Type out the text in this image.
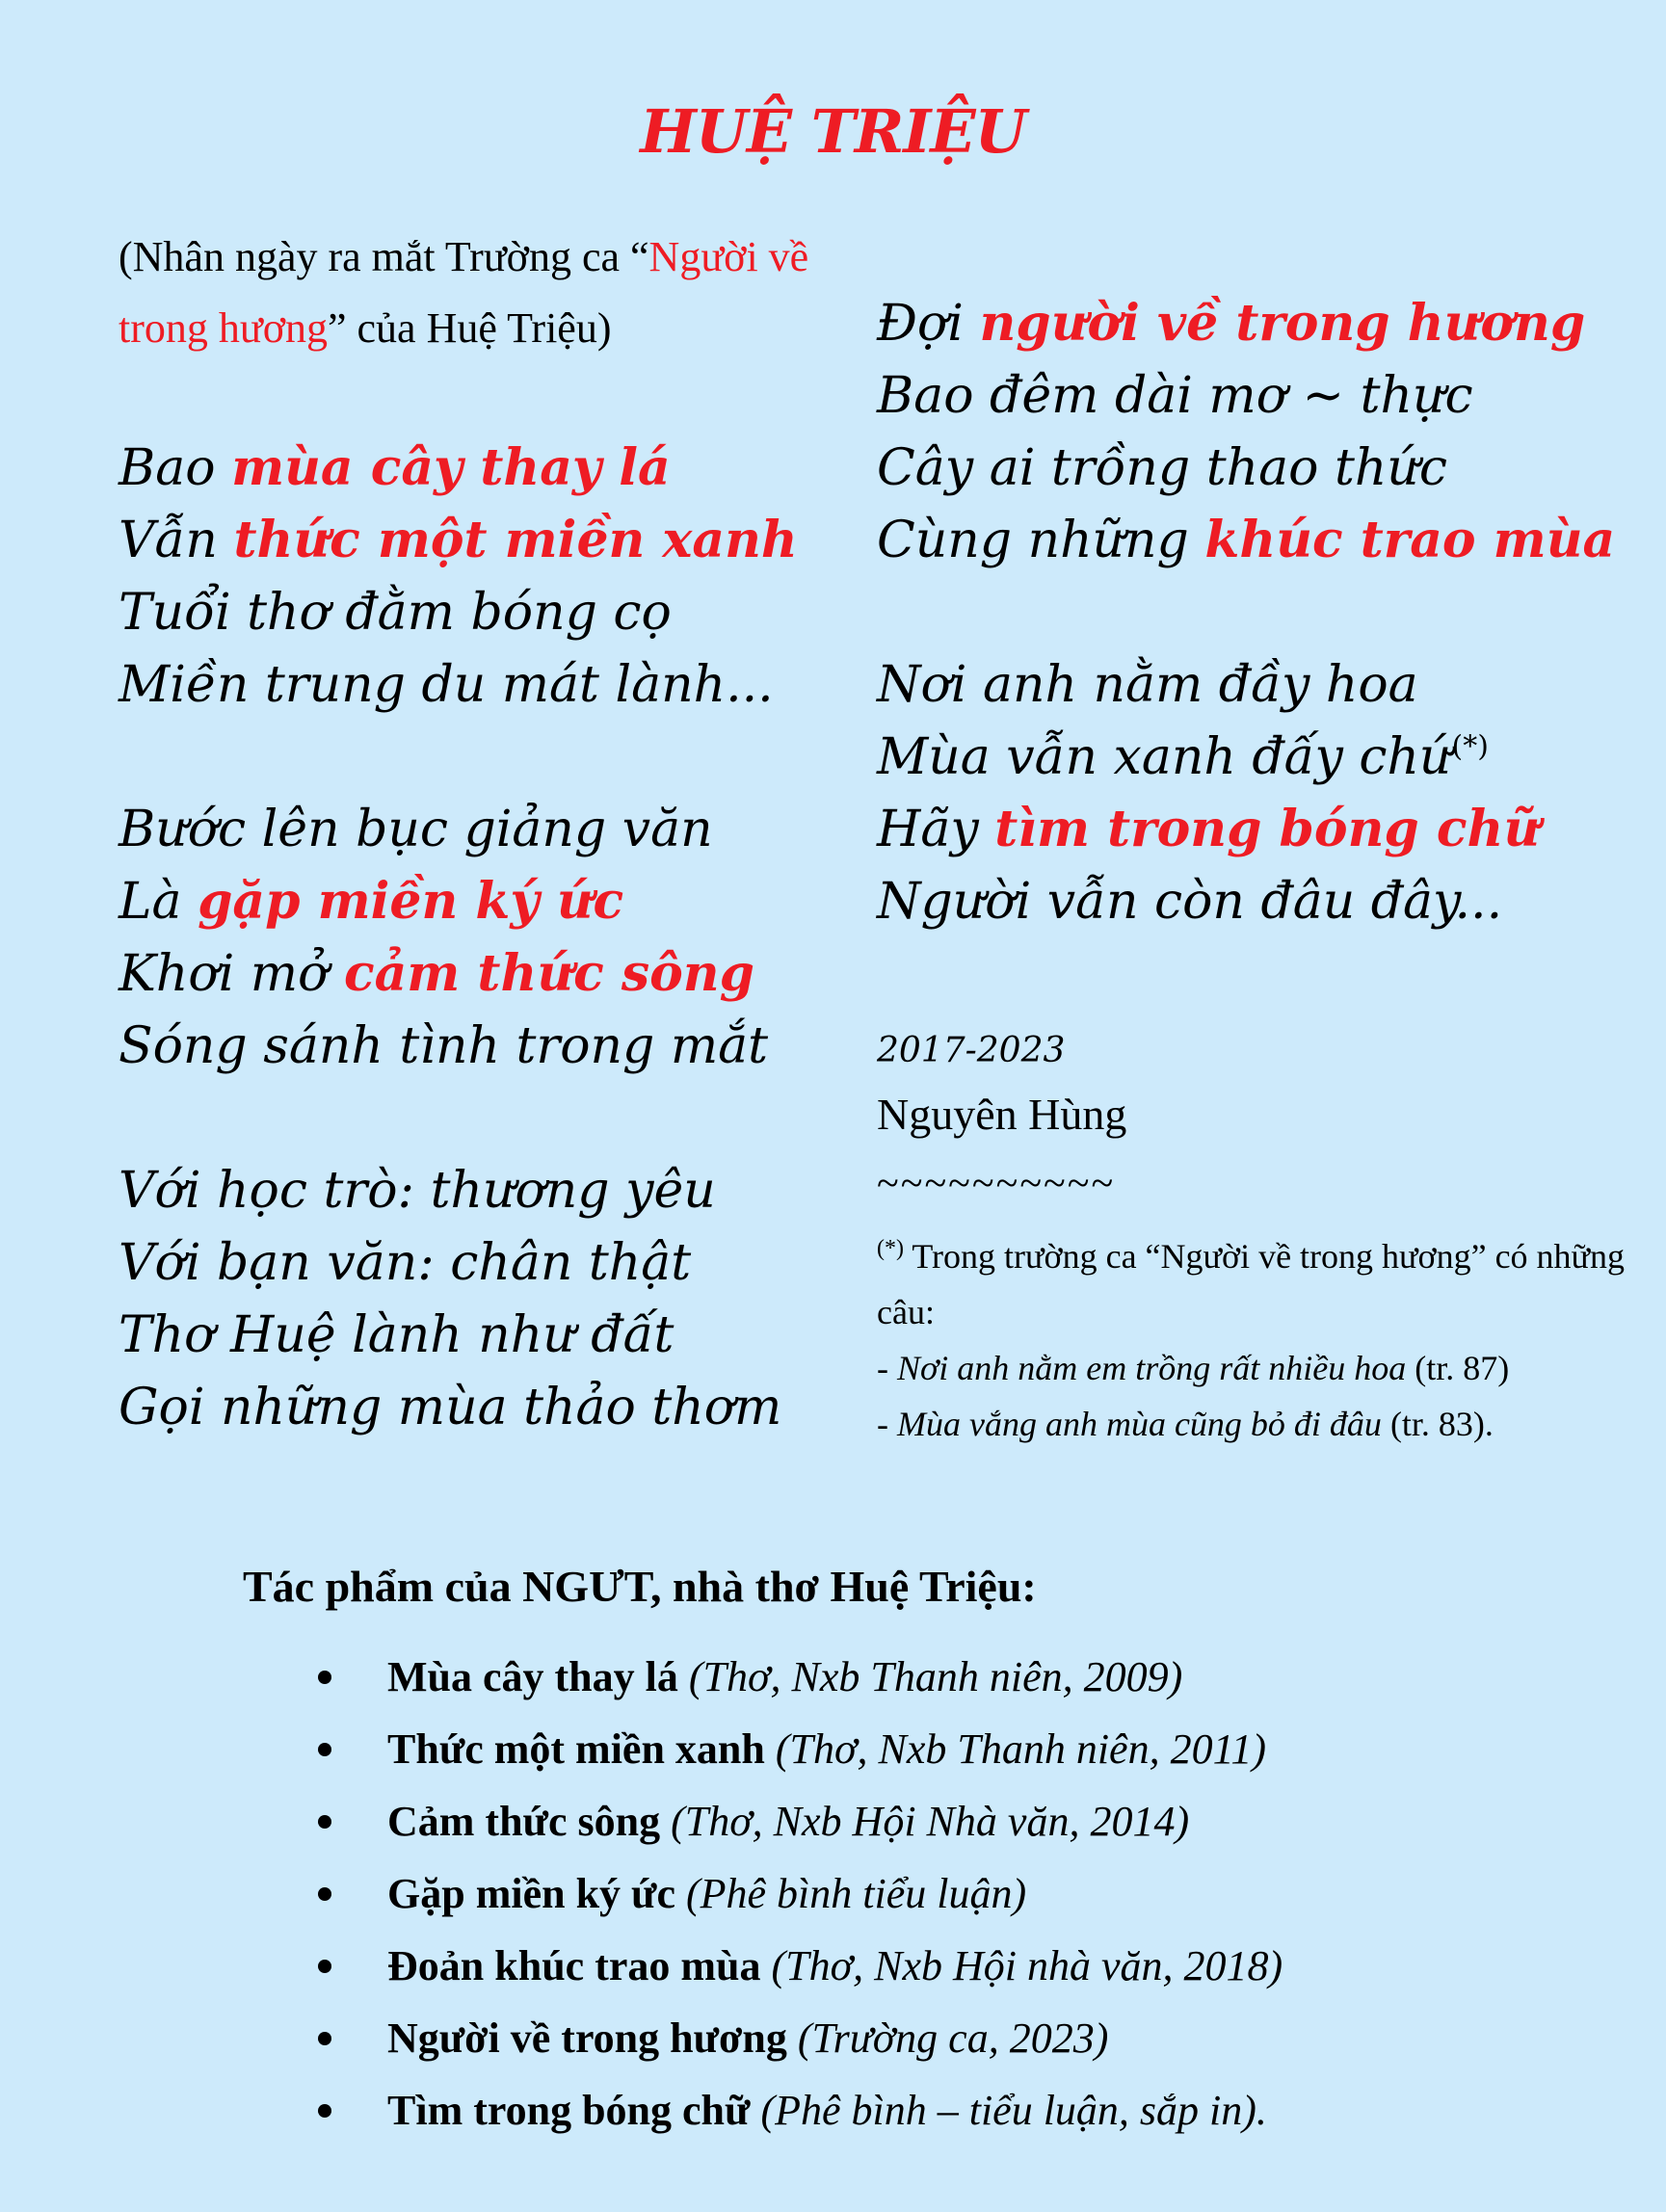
HUỆ TRIỆU

(Nhân ngày ra mắt Trường ca “Người về trong hương” của Huệ Triệu)

Bao mùa cây thay lá
Vẫn thức một miền xanh
Tuổi thơ đằm bóng cọ
Miền trung du mát lành...
Bước lên bục giảng văn
Là gặp miền ký ức
Khơi mở cảm thức sông
Sóng sánh tình trong mắt
Với học trò: thương yêu
Với bạn văn: chân thật
Thơ Huệ lành như đất
Gọi những mùa thảo thơm
Đợi người về trong hương
Bao đêm dài mơ ~ thực
Cây ai trồng thao thức
Cùng những khúc trao mùa
Nơi anh nằm đầy hoa
Mùa vẫn xanh đấy chứ(*)
Hãy tìm trong bóng chữ
Người vẫn còn đâu đây...
2017-2023
Nguyên Hùng
~~~~~~~~~~
(*) Trong trường ca “Người về trong hương” có những câu:
- Nơi anh nằm em trồng rất nhiều hoa (tr. 87)
- Mùa vắng anh mùa cũng bỏ đi đâu (tr. 83).
Tác phẩm của NGƯT, nhà thơ Huệ Triệu:
Mùa cây thay lá (Thơ, Nxb Thanh niên, 2009)
Thức một miền xanh (Thơ, Nxb Thanh niên, 2011)
Cảm thức sông (Thơ, Nxb Hội Nhà văn, 2014)
Gặp miền ký ức (Phê bình tiểu luận)
Đoản khúc trao mùa (Thơ, Nxb Hội nhà văn, 2018)
Người về trong hương (Trường ca, 2023)
Tìm trong bóng chữ (Phê bình – tiểu luận, sắp in).
